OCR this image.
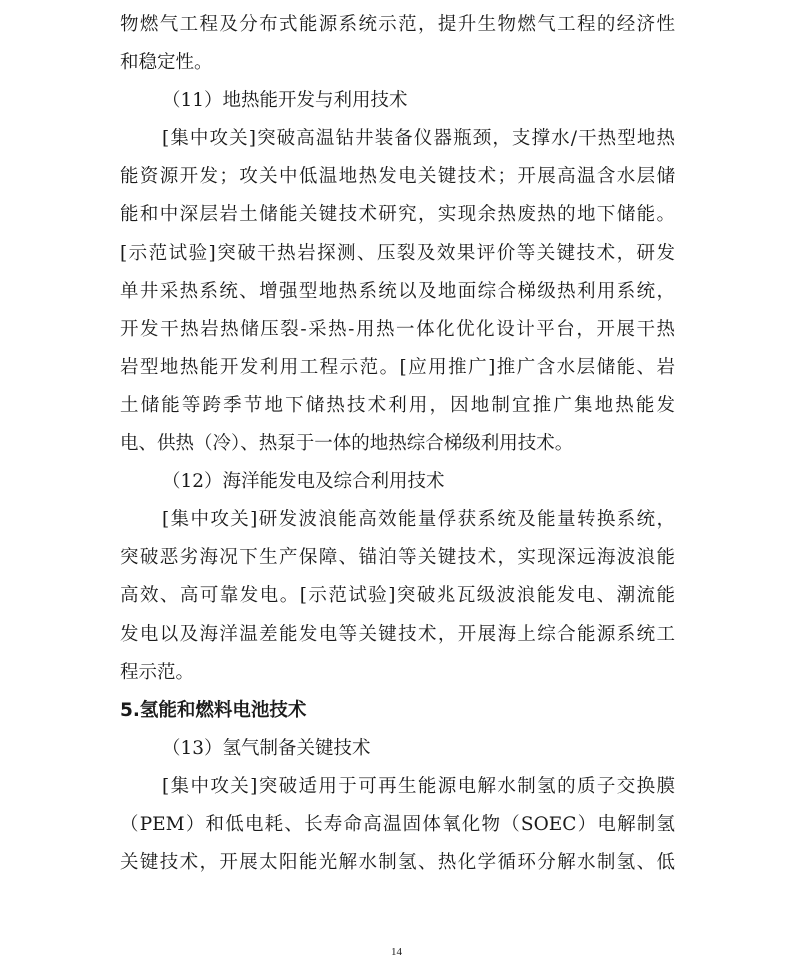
物燃气工程及分布式能源系统示范，提升生物燃气工程的经济性
和稳定性。
（11）地热能开发与利用技术
[集中攻关]突破高温钻井装备仪器瓶颈，支撑水/干热型地热
能资源开发；攻关中低温地热发电关键技术；开展高温含水层储
能和中深层岩土储能关键技术研究，实现余热废热的地下储能。
[示范试验]突破干热岩探测、压裂及效果评价等关键技术，研发
单井采热系统、增强型地热系统以及地面综合梯级热利用系统，
开发干热岩热储压裂-采热-用热一体化优化设计平台，开展干热
岩型地热能开发利用工程示范。[应用推广]推广含水层储能、岩
土储能等跨季节地下储热技术利用，因地制宜推广集地热能发
电、供热（冷）、热泵于一体的地热综合梯级利用技术。
（12）海洋能发电及综合利用技术
[集中攻关]研发波浪能高效能量俘获系统及能量转换系统，
突破恶劣海况下生产保障、锚泊等关键技术，实现深远海波浪能
高效、高可靠发电。[示范试验]突破兆瓦级波浪能发电、潮流能
发电以及海洋温差能发电等关键技术，开展海上综合能源系统工
程示范。
5.氢能和燃料电池技术
（13）氢气制备关键技术
[集中攻关]突破适用于可再生能源电解水制氢的质子交换膜
（PEM）和低电耗、长寿命高温固体氧化物（SOEC）电解制氢
关键技术，开展太阳能光解水制氢、热化学循环分解水制氢、低
14
